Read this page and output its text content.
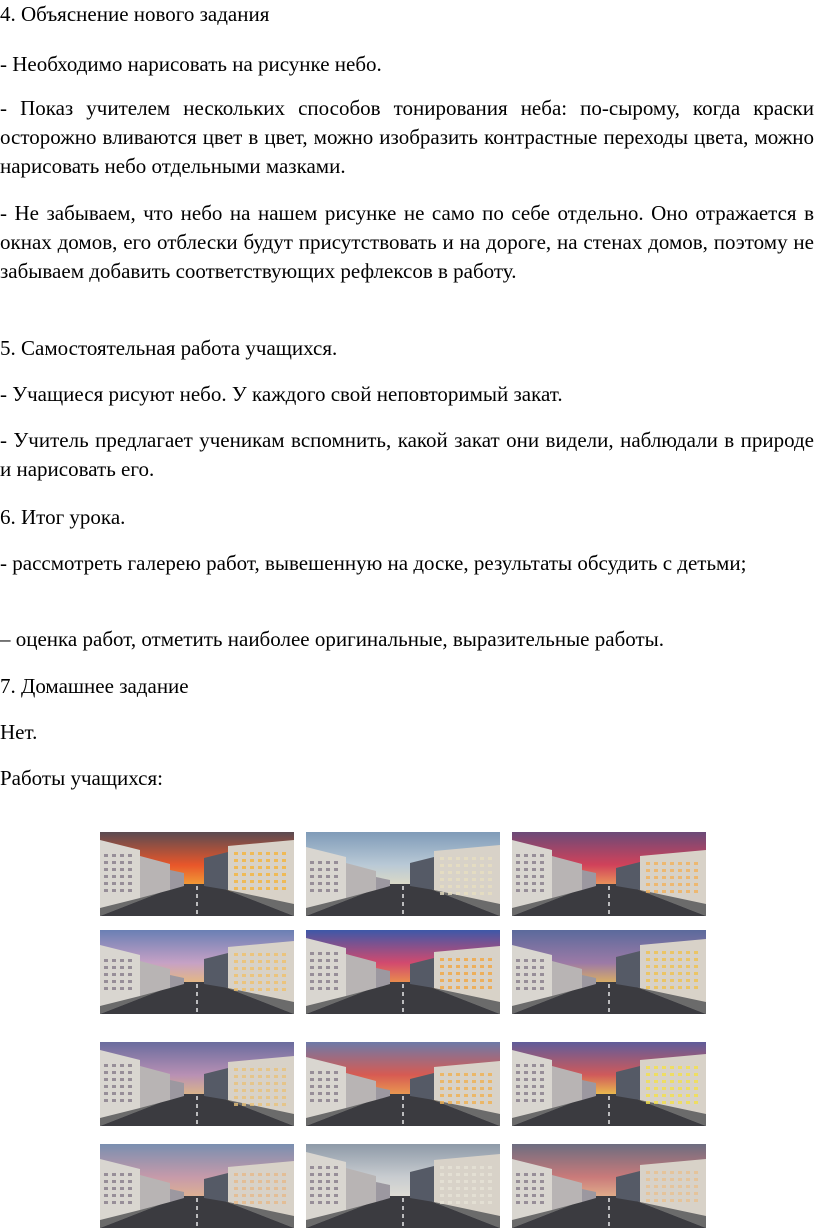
4. Объяснение нового задания

- Необходимо нарисовать на рисунке небо.

- Показ учителем нескольких способов тонирования неба: по-сырому, когда краски осторожно вливаются цвет в цвет, можно изобразить контрастные переходы цвета, можно нарисовать небо отдельными мазками.

- Не забываем, что небо на нашем рисунке не само по себе отдельно. Оно отражается в окнах домов, его отблески будут присутствовать и на дороге, на стенах домов, поэтому не забываем добавить соответствующих рефлексов в работу.

5. Самостоятельная работа учащихся.

- Учащиеся рисуют небо. У каждого свой неповторимый закат.

- Учитель предлагает ученикам вспомнить, какой закат они видели, наблюдали в природе и нарисовать его.

6. Итог урока.

- рассмотреть галерею работ, вывешенную на доске, результаты обсудить с детьми;

– оценка работ, отметить наиболее оригинальные, выразительные работы.

7. Домашнее задание

Нет.

Работы учащихся:
